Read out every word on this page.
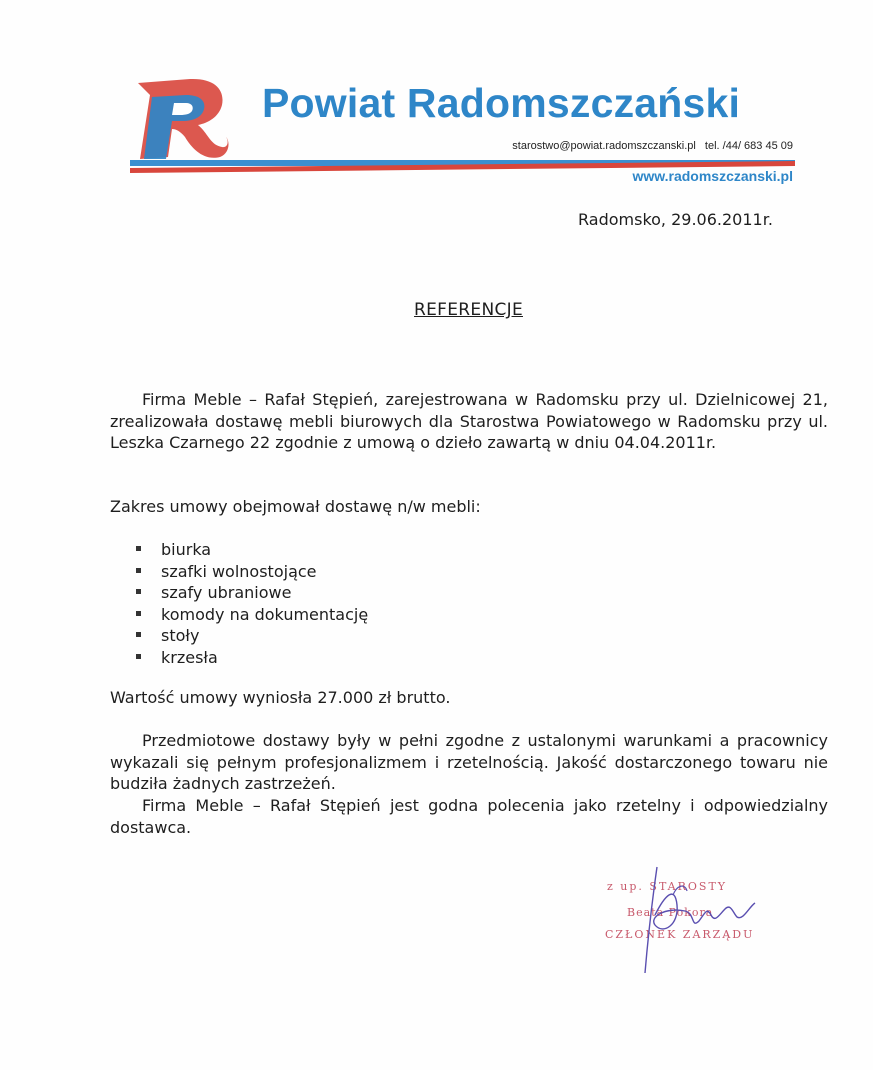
Powiat Radomszczański
starostwo@powiat.radomszczanski.pl tel. /44/ 683 45 09
www.radomszczanski.pl
Radomsko, 29.06.2011r.
REFERENCJE
Firma Meble – Rafał Stępień, zarejestrowana w Radomsku przy ul. Dzielnicowej 21, zrealizowała dostawę mebli biurowych dla Starostwa Powiatowego w Radomsku przy ul. Leszka Czarnego 22 zgodnie z umową o dzieło zawartą w dniu 04.04.2011r.
Zakres umowy obejmował dostawę n/w mebli:
biurka
szafki wolnostojące
szafy ubraniowe
komody na dokumentację
stoły
krzesła
Wartość umowy wyniosła 27.000 zł brutto.
Przedmiotowe dostawy były w pełni zgodne z ustalonymi warunkami a pracownicy wykazali się pełnym profesjonalizmem i rzetelnością. Jakość dostarczonego towaru nie budziła żadnych zastrzeżeń.
Firma Meble – Rafał Stępień jest godna polecenia jako rzetelny i odpowiedzialny dostawca.
z up. STAROSTY
Beata Pokora
CZŁONEK ZARZĄDU
